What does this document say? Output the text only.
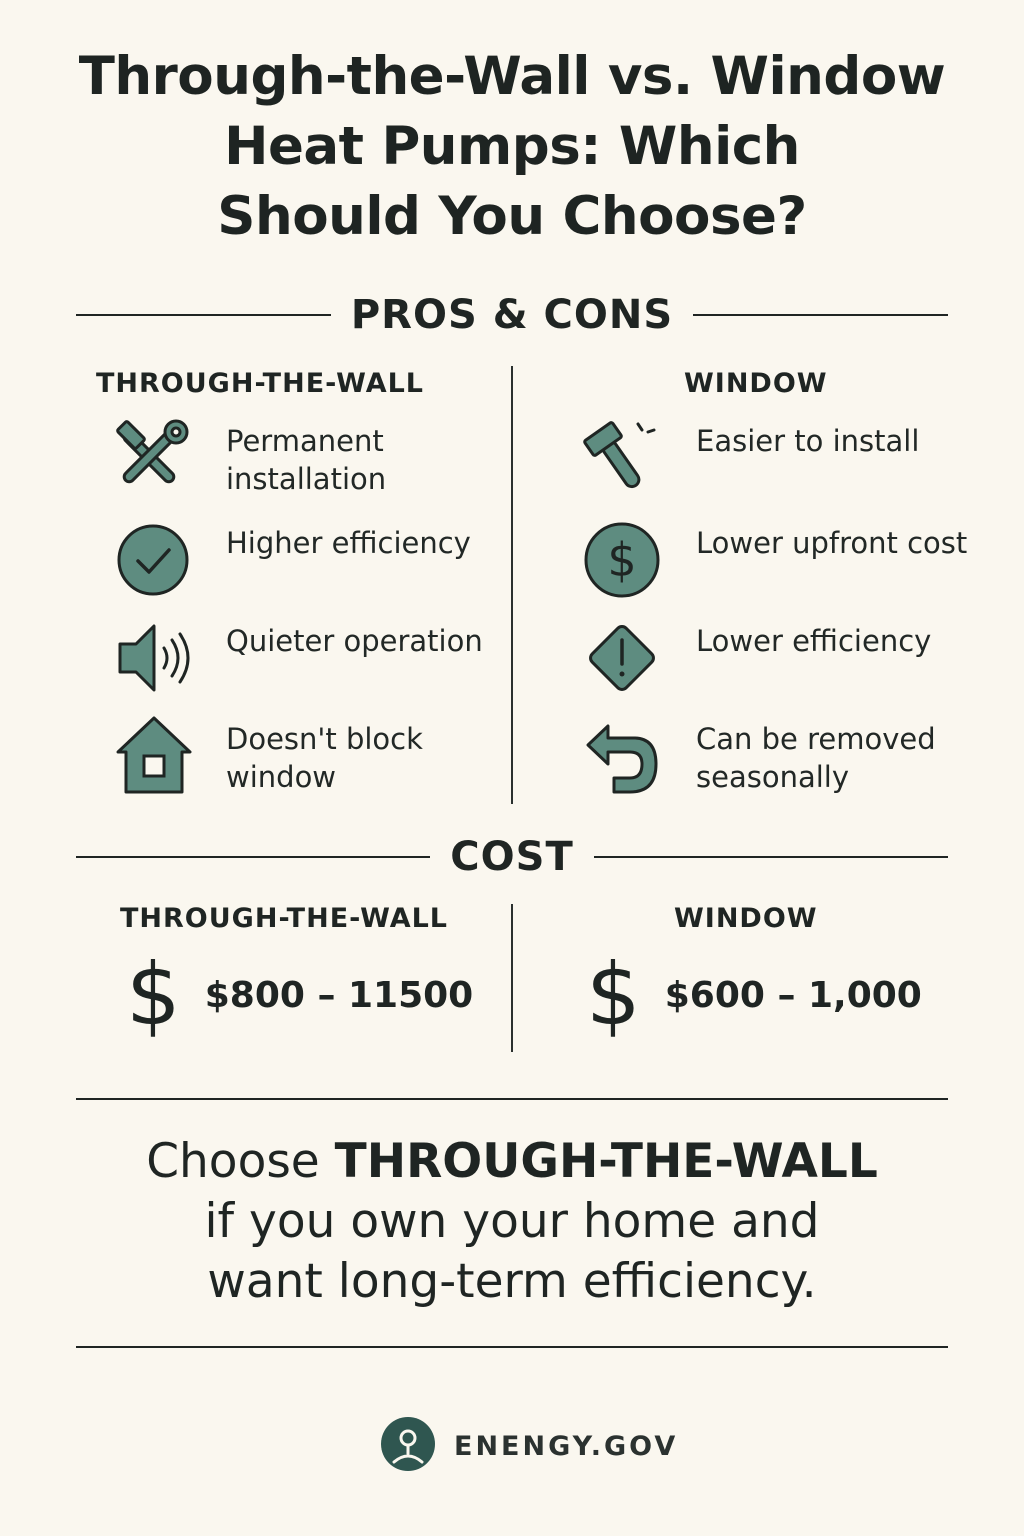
Through-the-Wall vs. Window
Heat Pumps: Which
Should You Choose?
PROS & CONS
THROUGH-THE-WALL	WINDOW
Permanent
installation
Higher efficiency
Quieter operation
Doesn't block
window
Easier to install
$ Lower upfront cost
Lower efficiency
Can be removed
seasonally
COST
THROUGH-THE-WALL	WINDOW
$ $800 – 11500 $ $600 – 1,000
Choose THROUGH-THE-WALL
if you own your home and
want long-term efficiency.
ENENGY.GOV
